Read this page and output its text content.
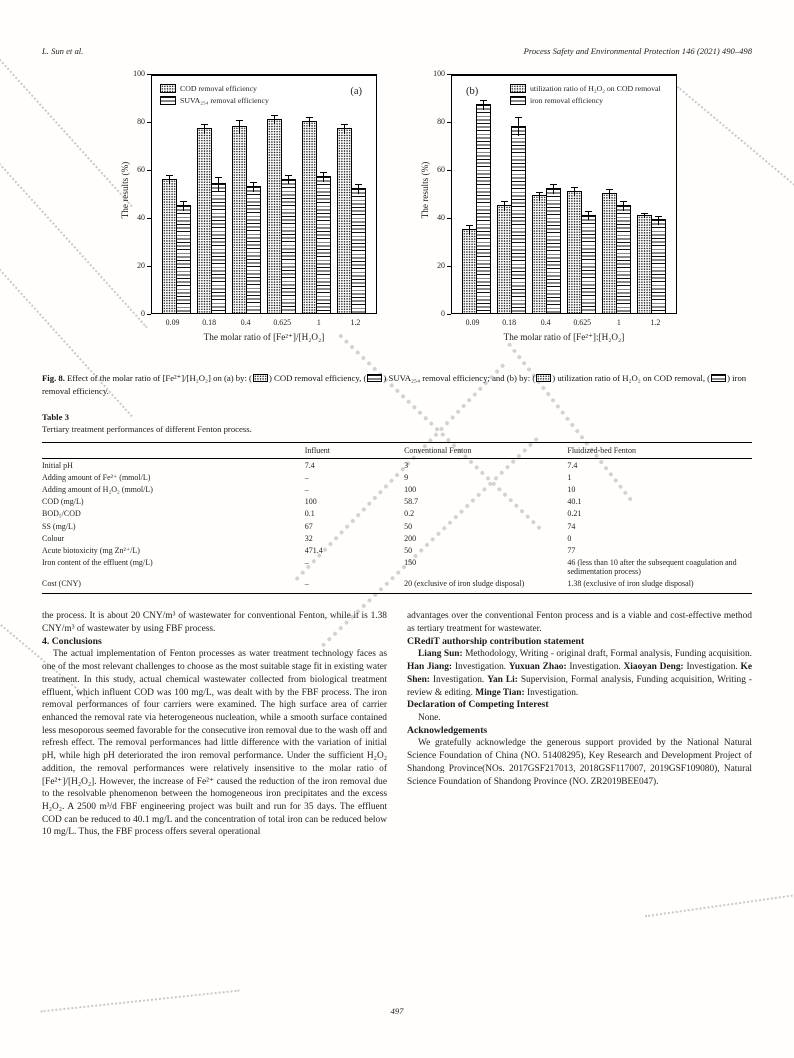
L. Sun et al.	Process Safety and Environmental Protection 146 (2021) 490–498
0
20
40
60
80
100
The results (%)
COD removal efficiency
SUVA₂₅₄ removal efficiency
(a)
0.09	0.18	0.4	0.625	1	1.2
The molar ratio of [Fe²⁺]/[H₂O₂]
0
20
40
60
80
100
The results (%)
utilization ratio of H₂O₂ on COD removal
iron removal efficiency
(b)
0.09	0.18	0.4	0.625	1	1.2
The molar ratio of [Fe²⁺]:[H₂O₂]
Fig. 8. Effect of the molar ratio of [Fe²⁺]/[H₂O₂] on (a) by: ( ) COD removal efficiency, ( ) SUVA₂₅₄ removal efficiency; and (b) by: ( ) utilization ratio of H₂O₂ on COD removal, ( ) iron removal efficiency.
Table 3
Tertiary treatment performances of different Fenton process.
	Influent	Conventional Fenton	Fluidized-bed Fenton
Initial pH	7.4	3	7.4
Adding amount of Fe²⁺ (mmol/L)	–	9	1
Adding amount of H₂O₂ (mmol/L)	–	100	10
COD (mg/L)	100	58.7	40.1
BOD₅/COD	0.1	0.2	0.21
SS (mg/L)	67	50	74
Colour	32	200	0
Acute biotoxicity (mg Zn²⁺/L)	471.4	50	77
Iron content of the effluent (mg/L)	–	150	46 (less than 10 after the subsequent coagulation and sedimentation process)
Cost (CNY)	–	20 (exclusive of iron sludge disposal)	1.38 (exclusive of iron sludge disposal)

the process. It is about 20 CNY/m³ of wastewater for conventional Fenton, while it is 1.38 CNY/m³ of wastewater by using FBF process.

4. Conclusions

The actual implementation of Fenton processes as water treatment technology faces as one of the most relevant challenges to choose as the most suitable stage fit in existing water treatment. In this study, actual chemical wastewater collected from biological treatment effluent, which influent COD was 100 mg/L, was dealt with by the FBF process. The iron removal performances of four carriers were examined. The high surface area of carrier enhanced the removal rate via heterogeneous nucleation, while a smooth surface contained less mesoporous seemed favorable for the consecutive iron removal due to the wash off and refresh effect. The removal performances had little difference with the variation of initial pH, while high pH deteriorated the iron removal performance. Under the sufficient H₂O₂ addition, the removal performances were relatively insensitive to the molar ratio of [Fe²⁺]/[H₂O₂]. However, the increase of Fe²⁺ caused the reduction of the iron removal due to the resolvable phenomenon between the homogeneous iron precipitates and the excess H₂O₂. A 2500 m³/d FBF engineering project was built and run for 35 days. The effluent COD can be reduced to 40.1 mg/L and the concentration of total iron can be reduced below 10 mg/L. Thus, the FBF process offers several operational

advantages over the conventional Fenton process and is a viable and cost-effective method as tertiary treatment for wastewater.

CRediT authorship contribution statement

Liang Sun: Methodology, Writing - original draft, Formal analysis, Funding acquisition. Han Jiang: Investigation. Yuxuan Zhao: Investigation. Xiaoyan Deng: Investigation. Ke Shen: Investigation. Yan Li: Supervision, Formal analysis, Funding acquisition, Writing - review & editing. Minge Tian: Investigation.

Declaration of Competing Interest

None.

Acknowledgements

We gratefully acknowledge the generous support provided by the National Natural Science Foundation of China (NO. 51408295), Key Research and Development Project of Shandong Province(NOs. 2017GSF217013, 2018GSF117007, 2019GSF109080), Natural Science Foundation of Shandong Province (NO. ZR2019BEE047).

497
